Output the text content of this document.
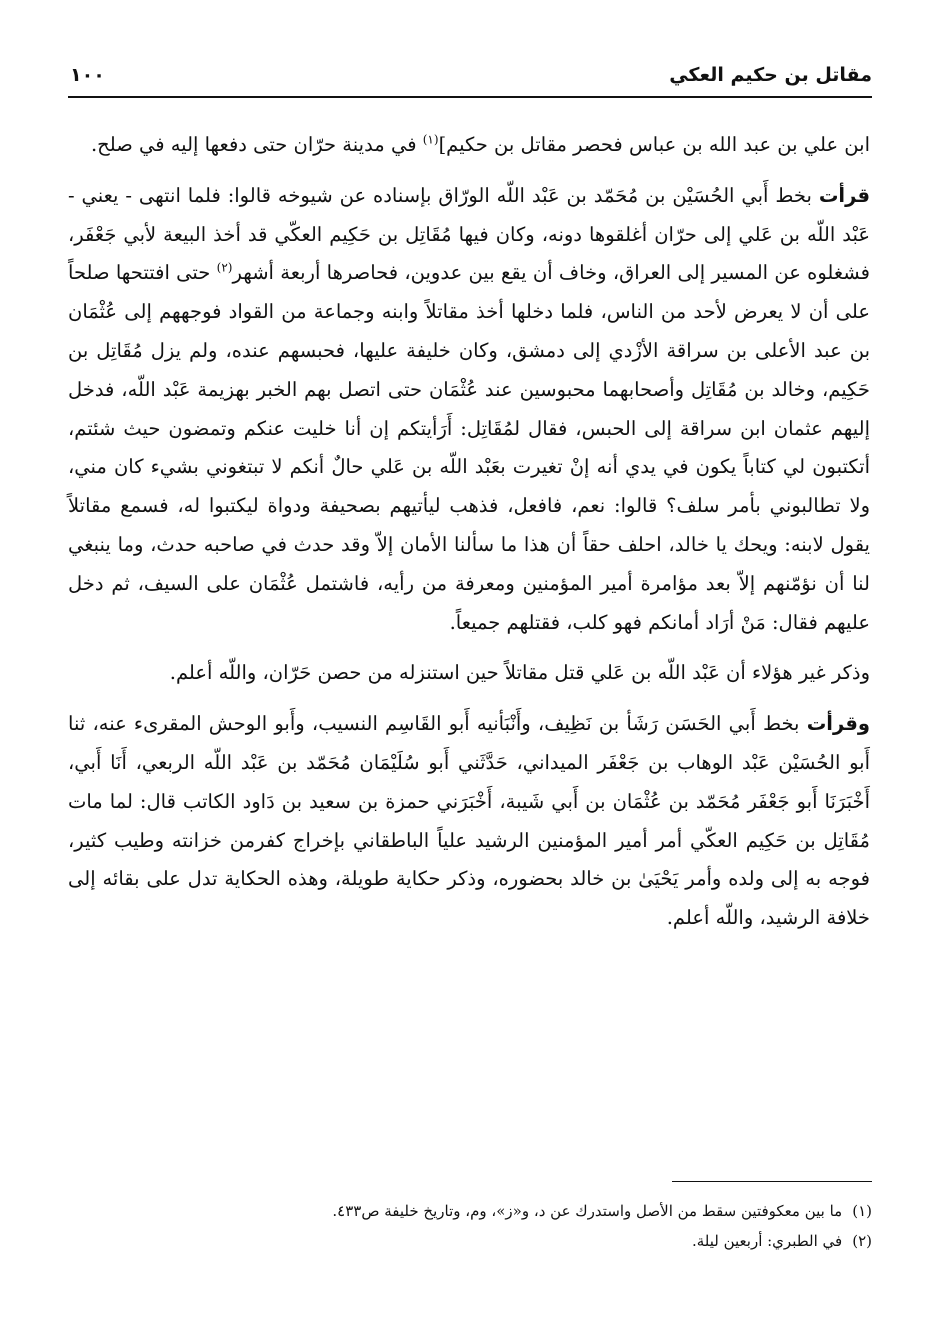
مقاتل بن حكيم العكي
١٠٠

ابن علي بن عبد الله بن عباس فحصر مقاتل بن حكيم]$^{(١)}$ في مدينة حرّان حتى دفعها إليه في صلح.

قرأت بخط أَبي الحُسَيْن بن مُحَمّد بن عَبْد اللّه الورّاق بإسناده عن شيوخه قالوا: فلما انتهى - يعني - عَبْد اللّه بن عَلي إلى حرّان أغلقوها دونه، وكان فيها مُقَاتِل بن حَكِيم العكّي قد أخذ البيعة لأبي جَعْفَر، فشغلوه عن المسير إلى العراق، وخاف أن يقع بين عدوين، فحاصرها أربعة أشهر$^{(٢)}$ حتى افتتحها صلحاً على أن لا يعرض لأحد من الناس، فلما دخلها أخذ مقاتلاً وابنه وجماعة من القواد فوجههم إلى عُثْمَان بن عبد الأعلى بن سراقة الأزْدي إلى دمشق، وكان خليفة عليها، فحبسهم عنده، ولم يزل مُقَاتِل بن حَكِيم، وخالد بن مُقَاتِل وأصحابهما محبوسين عند عُثْمَان حتى اتصل بهم الخبر بهزيمة عَبْد اللّه، فدخل إليهم عثمان ابن سراقة إلى الحبس، فقال لمُقَاتِل: أَرَأيتكم إن أنا خليت عنكم وتمضون حيث شئتم، أتكتبون لي كتاباً يكون في يدي أنه إنْ تغيرت بعَبْد اللّه بن عَلي حالٌ أنكم لا تبتغوني بشيء كان مني، ولا تطالبوني بأمر سلف؟ قالوا: نعم، فافعل، فذهب ليأتيهم بصحيفة ودواة ليكتبوا له، فسمع مقاتلاً يقول لابنه: ويحك يا خالد، احلف حقاً أن هذا ما سألنا الأمان إلاّ وقد حدث في صاحبه حدث، وما ينبغي لنا أن نؤمّنهم إلاّ بعد مؤامرة أمير المؤمنين ومعرفة من رأيه، فاشتمل عُثْمَان على السيف، ثم دخل عليهم فقال: مَنْ أرَاد أمانكم فهو كلب، فقتلهم جميعاً.

وذكر غير هؤلاء أن عَبْد اللّه بن عَلي قتل مقاتلاً حين استنزله من حصن حَرّان، واللّه أعلم.

وقرأت بخط أَبي الحَسَن رَشَأ بن نَظِيف، وأَنْبَأنيه أَبو القَاسِم النسيب، وأَبو الوحش المقرىء عنه، ثنا أَبو الحُسَيْن عَبْد الوهاب بن جَعْفَر الميداني، حَدَّثَني أَبو سُلَيْمَان مُحَمّد بن عَبْد اللّه الربعي، أَنَا أَبي، أَخْبَرَنَا أَبو جَعْفَر مُحَمّد بن عُثْمَان بن أَبي شَيبة، أَخْبَرَني حمزة بن سعيد بن دَاود الكاتب قال: لما مات مُقَاتِل بن حَكِيم العكّي أمر أمير المؤمنين الرشيد علياً الباطقاني بإخراج كفرمن خزانته وطيب كثير، فوجه به إلى ولده وأمر يَحْيَىٰ بن خالد بحضوره، وذكر حكاية طويلة، وهذه الحكاية تدل على بقائه إلى خلافة الرشيد، واللّه أعلم.

(١)ما بين معكوفتين سقط من الأصل واستدرك عن د، و«ز»، وم، وتاريخ خليفة ص٤٣٣.
(٢)في الطبري: أربعين ليلة.
